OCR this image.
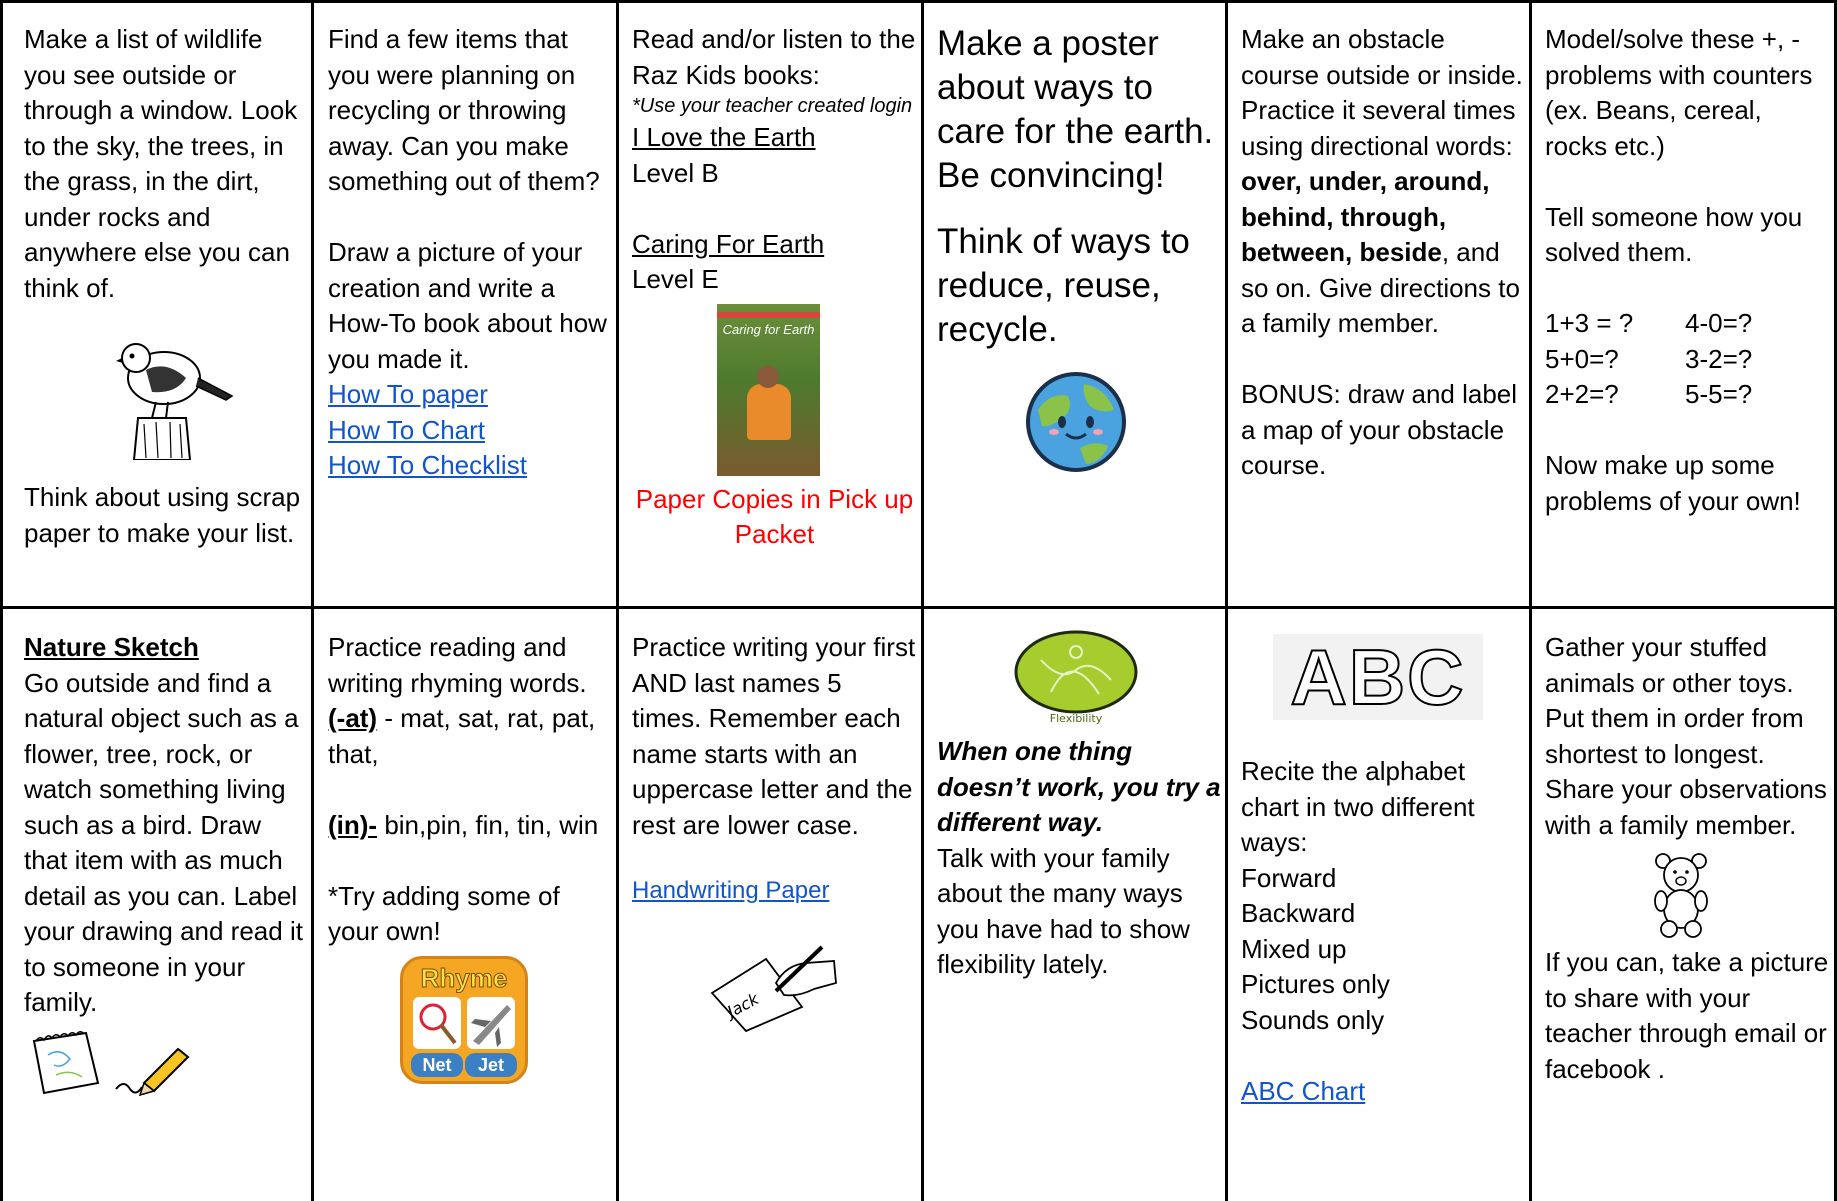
Make a list of wildlife you see outside or through a window. Look to the sky, the trees, in the grass, in the dirt, under rocks and anywhere else you can think of.

Think about using scrap paper to make your list.

Find a few items that you were planning on recycling or throwing away. Can you make something out of them?

Draw a picture of your creation and write a How-To book about how you made it.

How To paper
How To Chart
How To Checklist

Read and/or listen to the Raz Kids books:

*Use your teacher created login

I Love the Earth

Level B

Caring For Earth

Level E

Caring for Earth

Paper Copies in Pick up Packet

Make a poster about ways to care for the earth. Be convincing!

Think of ways to reduce, reuse, recycle.

Make an obstacle course outside or inside. Practice it several times using directional words:

over, under, around, behind, through, between, beside, and so on. Give directions to a family member.

BONUS: draw and label a map of your obstacle course.

Model/solve these +, - problems with counters (ex. Beans, cereal, rocks etc.)

Tell someone how you solved them.

1+3 = ?	4-0=?
5+0=?	3-2=?
2+2=?	5-5=?

Now make up some problems of your own!

Nature Sketch

Go outside and find a natural object such as a flower, tree, rock, or watch something living such as a bird. Draw that item with as much detail as you can. Label your drawing and read it to someone in your family.

Practice reading and writing rhyming words.

(-at) - mat, sat, rat, pat, that,

(in)- bin,pin, fin, tin, win

*Try adding some of your own!

Rhyme
Net	Jet

Practice writing your first AND last names 5 times. Remember each name starts with an uppercase letter and the rest are lower case.

Handwriting Paper
Jack
Flexibility

When one thing doesn’t work, you try a different way.

Talk with your family about the many ways you have had to show flexibility lately.

ABC

Recite the alphabet chart in two different ways:

Forward

Backward

Mixed up

Pictures only

Sounds only

ABC Chart

Gather your stuffed animals or other toys. Put them in order from shortest to longest. Share your observations with a family member.

If you can, take a picture to share with your teacher through email or facebook .
